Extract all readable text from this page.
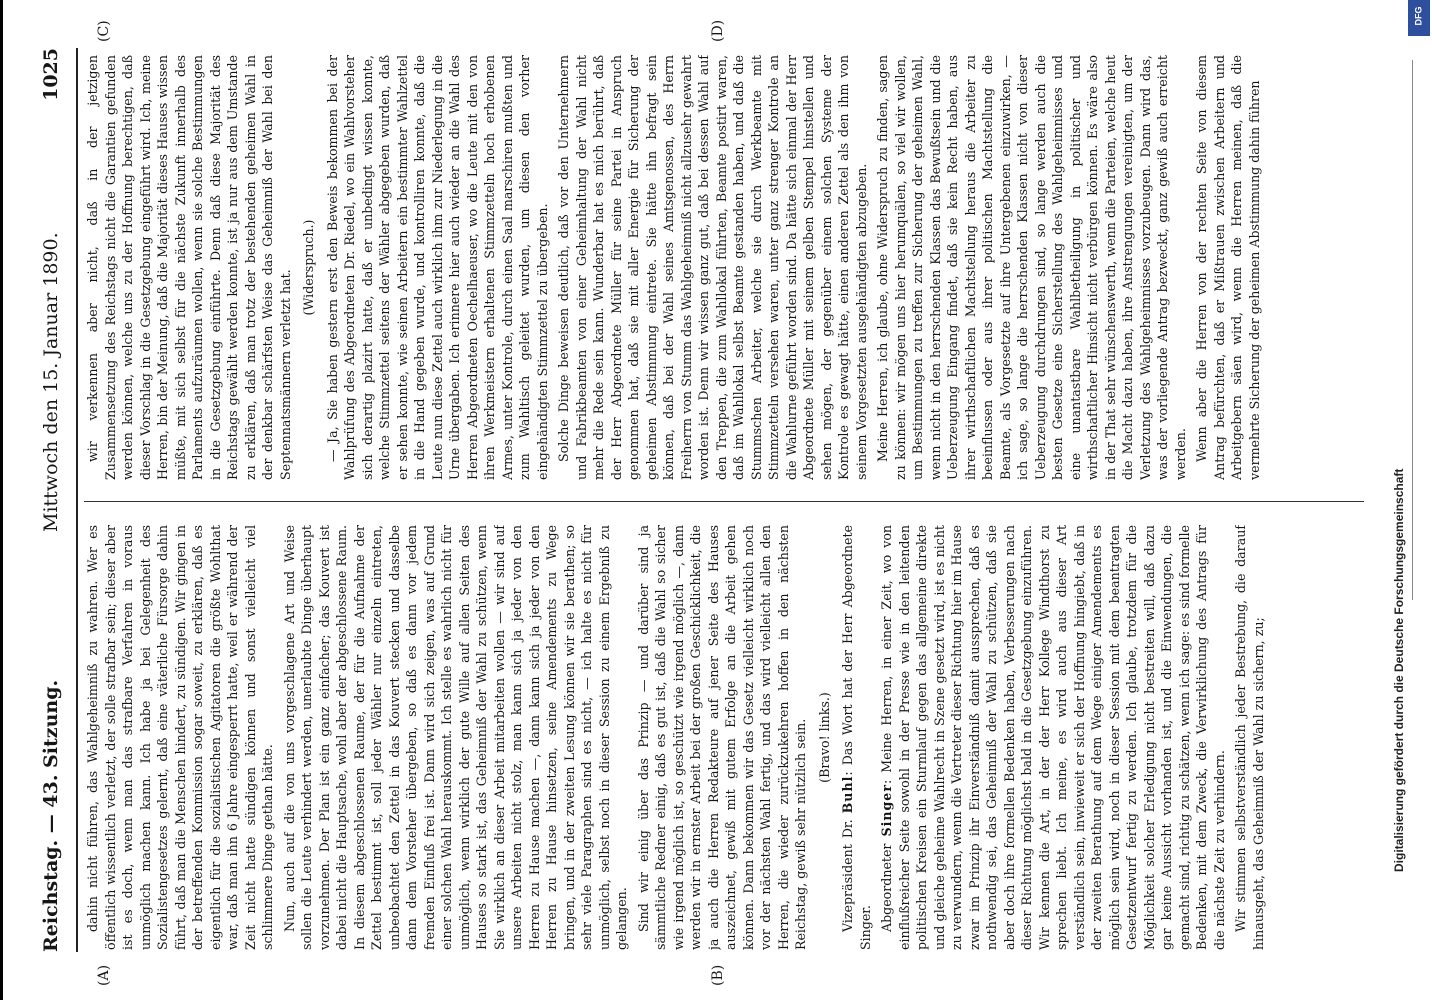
Reichstag. — 43. Sitzung.
Mittwoch den 15. Januar 1890.
1025
(A)	(B)
(C)	(D)

dahin nicht führen, das Wahlgeheimniß zu wahren. Wer es öffentlich wissentlich verletzt, der solle strafbar sein; dieser aber ist es doch, wenn man das strafbare Verfahren in voraus unmöglich machen kann. Ich habe ja bei Gelegenheit des Sozialistengesetzes gelernt, daß eine väterliche Fürsorge dahin führt, daß man die Menschen hindert, zu sündigen. Wir gingen in der betreffenden Kommission sogar soweit, zu erklären, daß es eigentlich für die sozialistischen Agitatoren die größte Wohlthat war, daß man ihn 6 Jahre eingesperrt hatte, weil er während der Zeit nicht hatte sündigen können und sonst vielleicht viel schlimmere Dinge gethan hätte. Nun, auch auf die von uns vorgeschlagene Art und Weise sollen die Leute verhindert werden, unerlaubte Dinge überhaupt vorzunehmen. Der Plan ist ein ganz einfacher; das Kouvert ist dabei nicht die Hauptsache, wohl aber der abgeschlossene Raum. In diesem abgeschlossenen Raume, der für die Aufnahme der Zettel bestimmt ist, soll jeder Wähler nur einzeln eintreten, unbeobachtet den Zettel in das Kouvert stecken und dasselbe dann dem Vorsteher übergeben, so daß es dann vor jedem fremden Einfluß frei ist. Dann wird sich zeigen, was auf Grund einer solchen Wahl herauskommt. Ich stelle es wahrlich nicht für unmöglich, wenn wirklich der gute Wille auf allen Seiten des Hauses so stark ist, das Geheimniß der Wahl zu schützen, wenn Sie wirklich an dieser Arbeit mitarbeiten wollen — wir sind auf unsere Arbeiten nicht stolz, man kann sich ja jeder von den Herren zu Hause machen —, dann kann sich ja jeder von den Herren zu Hause hinsetzen, seine Amendements zu Wege bringen, und in der zweiten Lesung können wir sie berathen; so sehr viele Paragraphen sind es nicht, — ich halte es nicht für unmöglich, selbst noch in dieser Session zu einem Ergebniß zu gelangen. Sind wir einig über das Prinzip — und darüber sind ja sämmtliche Redner einig, daß es gut ist, daß die Wahl so sicher wie irgend möglich ist, so geschützt wie irgend möglich —, dann werden wir in ernster Arbeit bei der großen Geschicklichkeit, die ja auch die Herren Redakteure auf jener Seite des Hauses auszeichnet, gewiß mit gutem Erfolge an die Arbeit gehen können. Dann bekommen wir das Gesetz vielleicht wirklich noch vor der nächsten Wahl fertig, und das wird vielleicht allen den Herren, die wieder zurückzukehren hoffen in den nächsten Reichstag, gewiß sehr nützlich sein. (Bravo! links.)

Vizepräsident Dr. Buhl: Das Wort hat der Herr Abgeordnete Singer. Abgeordneter Singer: Meine Herren, in einer Zeit, wo von einflußreicher Seite sowohl in der Presse wie in den leitenden politischen Kreisen ein Sturmlauf gegen das allgemeine direkte und gleiche geheime Wahlrecht in Szene gesetzt wird, ist es nicht zu verwundern, wenn die Vertreter dieser Richtung hier im Hause zwar im Prinzip ihr Einverständniß damit aussprechen, daß es nothwendig sei, das Geheimniß der Wahl zu schützen, daß sie aber doch ihre formellen Bedenken haben, Verbesserungen nach dieser Richtung möglichst bald in die Gesetzgebung einzuführen. Wir kennen die Art, in der der Herr Kollege Windthorst zu sprechen liebt. Ich meine, es wird auch aus dieser Art verständlich sein, inwieweit er sich der Hoffnung hingiebt, daß in der zweiten Berathung auf dem Wege einiger Amendements es möglich sein wird, noch in dieser Session mit dem beantragten Gesetzentwurf fertig zu werden. Ich glaube, trotzdem für die Möglichkeit solcher Erledigung nicht bestreiten will, daß dazu gar keine Aussicht vorhanden ist, und die Einwendungen, die gemacht sind, richtig zu schätzen, wenn ich sage: es sind formelle Bedenken, mit dem Zweck, die Verwirklichung des Antrags für die nächste Zeit zu verhindern. Wir stimmen selbstverständlich jeder Bestrebung, die darauf hinausgeht, das Geheimniß der Wahl zu sichern, zu;

wir verkennen aber nicht, daß in der jetzigen Zusammensetzung des Reichstags nicht die Garantien gefunden werden können, welche uns zu der Hoffnung berechtigen, daß dieser Vorschlag in die Gesetzgebung eingeführt wird. Ich, meine Herren, bin der Meinung, daß die Majorität dieses Hauses wissen müßte, mit sich selbst für die nächste Zukunft innerhalb des Parlaments aufzuräumen wollen, wenn sie solche Bestimmungen in die Gesetzgebung einführte. Denn daß diese Majorität des Reichstags gewählt werden konnte, ist ja nur aus dem Umstande zu erklären, daß man trotz der bestehenden geheimen Wahl in der denkbar schärfsten Weise das Geheimniß der Wahl bei den Septennatsmännern verletzt hat.

(Widerspruch.) — Ja, Sie haben gestern erst den Beweis bekommen bei der Wahlprüfung des Abgeordneten Dr. Riedel, wo ein Wahlvorsteher sich derartig plazirt hatte, daß er unbedingt wissen konnte, welche Stimmzettel seitens der Wähler abgegeben wurden, daß er sehen konnte, wie seinen Arbeitern ein bestimmter Wahlzettel in die Hand gegeben wurde, und kontrolliren konnte, daß die Leute nun diese Zettel auch wirklich ihm zur Niederlegung in die Urne übergaben. Ich erinnere hier auch wieder an die Wahl des Herren Abgeordneten Oechelhaeuser, wo die Leute mit den von ihren Werkmeistern erhaltenen Stimmzetteln hoch erhobenen Armes, unter Kontrole, durch einen Saal marschiren mußten und zum Wahltisch geleitet wurden, um diesen den vorher eingehändigten Stimmzettel zu übergeben. Solche Dinge beweisen deutlich, daß vor den Unternehmern und Fabrikbeamten von einer Geheimhaltung der Wahl nicht mehr die Rede sein kann. Wunderbar hat es mich berührt, daß der Herr Abgeordnete Müller für seine Partei in Anspruch genommen hat, daß sie mit aller Energie für Sicherung der geheimen Abstimmung eintrete. Sie hätte ihn befragt sein können, daß bei der Wahl seines Amtsgenossen, des Herrn Freiherrn von Stumm das Wahlgeheimniß nicht allzusehr gewahrt worden ist. Denn wir wissen ganz gut, daß bei dessen Wahl auf den Treppen, die zum Wahllokal führten, Beamte postirt waren, daß im Wahllokal selbst Beamte gestanden haben, und daß die Stummschen Arbeiter, welche sie durch Werkbeamte mit Stimmzetteln versehen waren, unter ganz strenger Kontrole an die Wahlurne geführt worden sind. Da hätte sich einmal der Herr Abgeordnete Müller mit seinem gelben Stempel hinstellen und sehen mögen, der gegenüber einem solchen Systeme der Kontrole es gewagt hätte, einen anderen Zettel als den ihm von seinem Vorgesetzten ausgehändigten abzugeben. Meine Herren, ich glaube, ohne Widerspruch zu finden, sagen zu können: wir mögen uns hier herumquälen, so viel wir wollen, um Bestimmungen zu treffen zur Sicherung der geheimen Wahl, wenn nicht in den herrschenden Klassen das Bewußtsein und die Ueberzeugung Eingang findet, daß sie kein Recht haben, aus ihrer wirthschaftlichen Machtstellung heraus die Arbeiter zu beeinflussen oder aus ihrer politischen Machtstellung die Beamte, als Vorgesetzte auf ihre Untergebenen einzuwirken, — ich sage, so lange die herrschenden Klassen nicht von dieser Ueberzeugung durchdrungen sind, so lange werden auch die besten Gesetze eine Sicherstellung des Wahlgeheimnisses und eine unantastbare Wahlbetheiligung in politischer und wirthschaftlicher Hinsicht nicht verbürgen können. Es wäre also in der That sehr wünschenswerth, wenn die Parteien, welche heut die Macht dazu haben, ihre Anstrengungen vereinigten, um der Verletzung des Wahlgeheimnisses vorzubeugen. Dann wird das, was der vorliegende Antrag bezweckt, ganz gewiß auch erreicht werden. Wenn aber die Herren von der rechten Seite von diesem Antrag befürchten, daß er Mißtrauen zwischen Arbeitern und Arbeitgebern säen wird, wenn die Herren meinen, daß die vermehrte Sicherung der geheimen Abstimmung dahin führen

Digitalisierung gefördert durch die Deutsche Forschungsgemeinschaft
DFG
